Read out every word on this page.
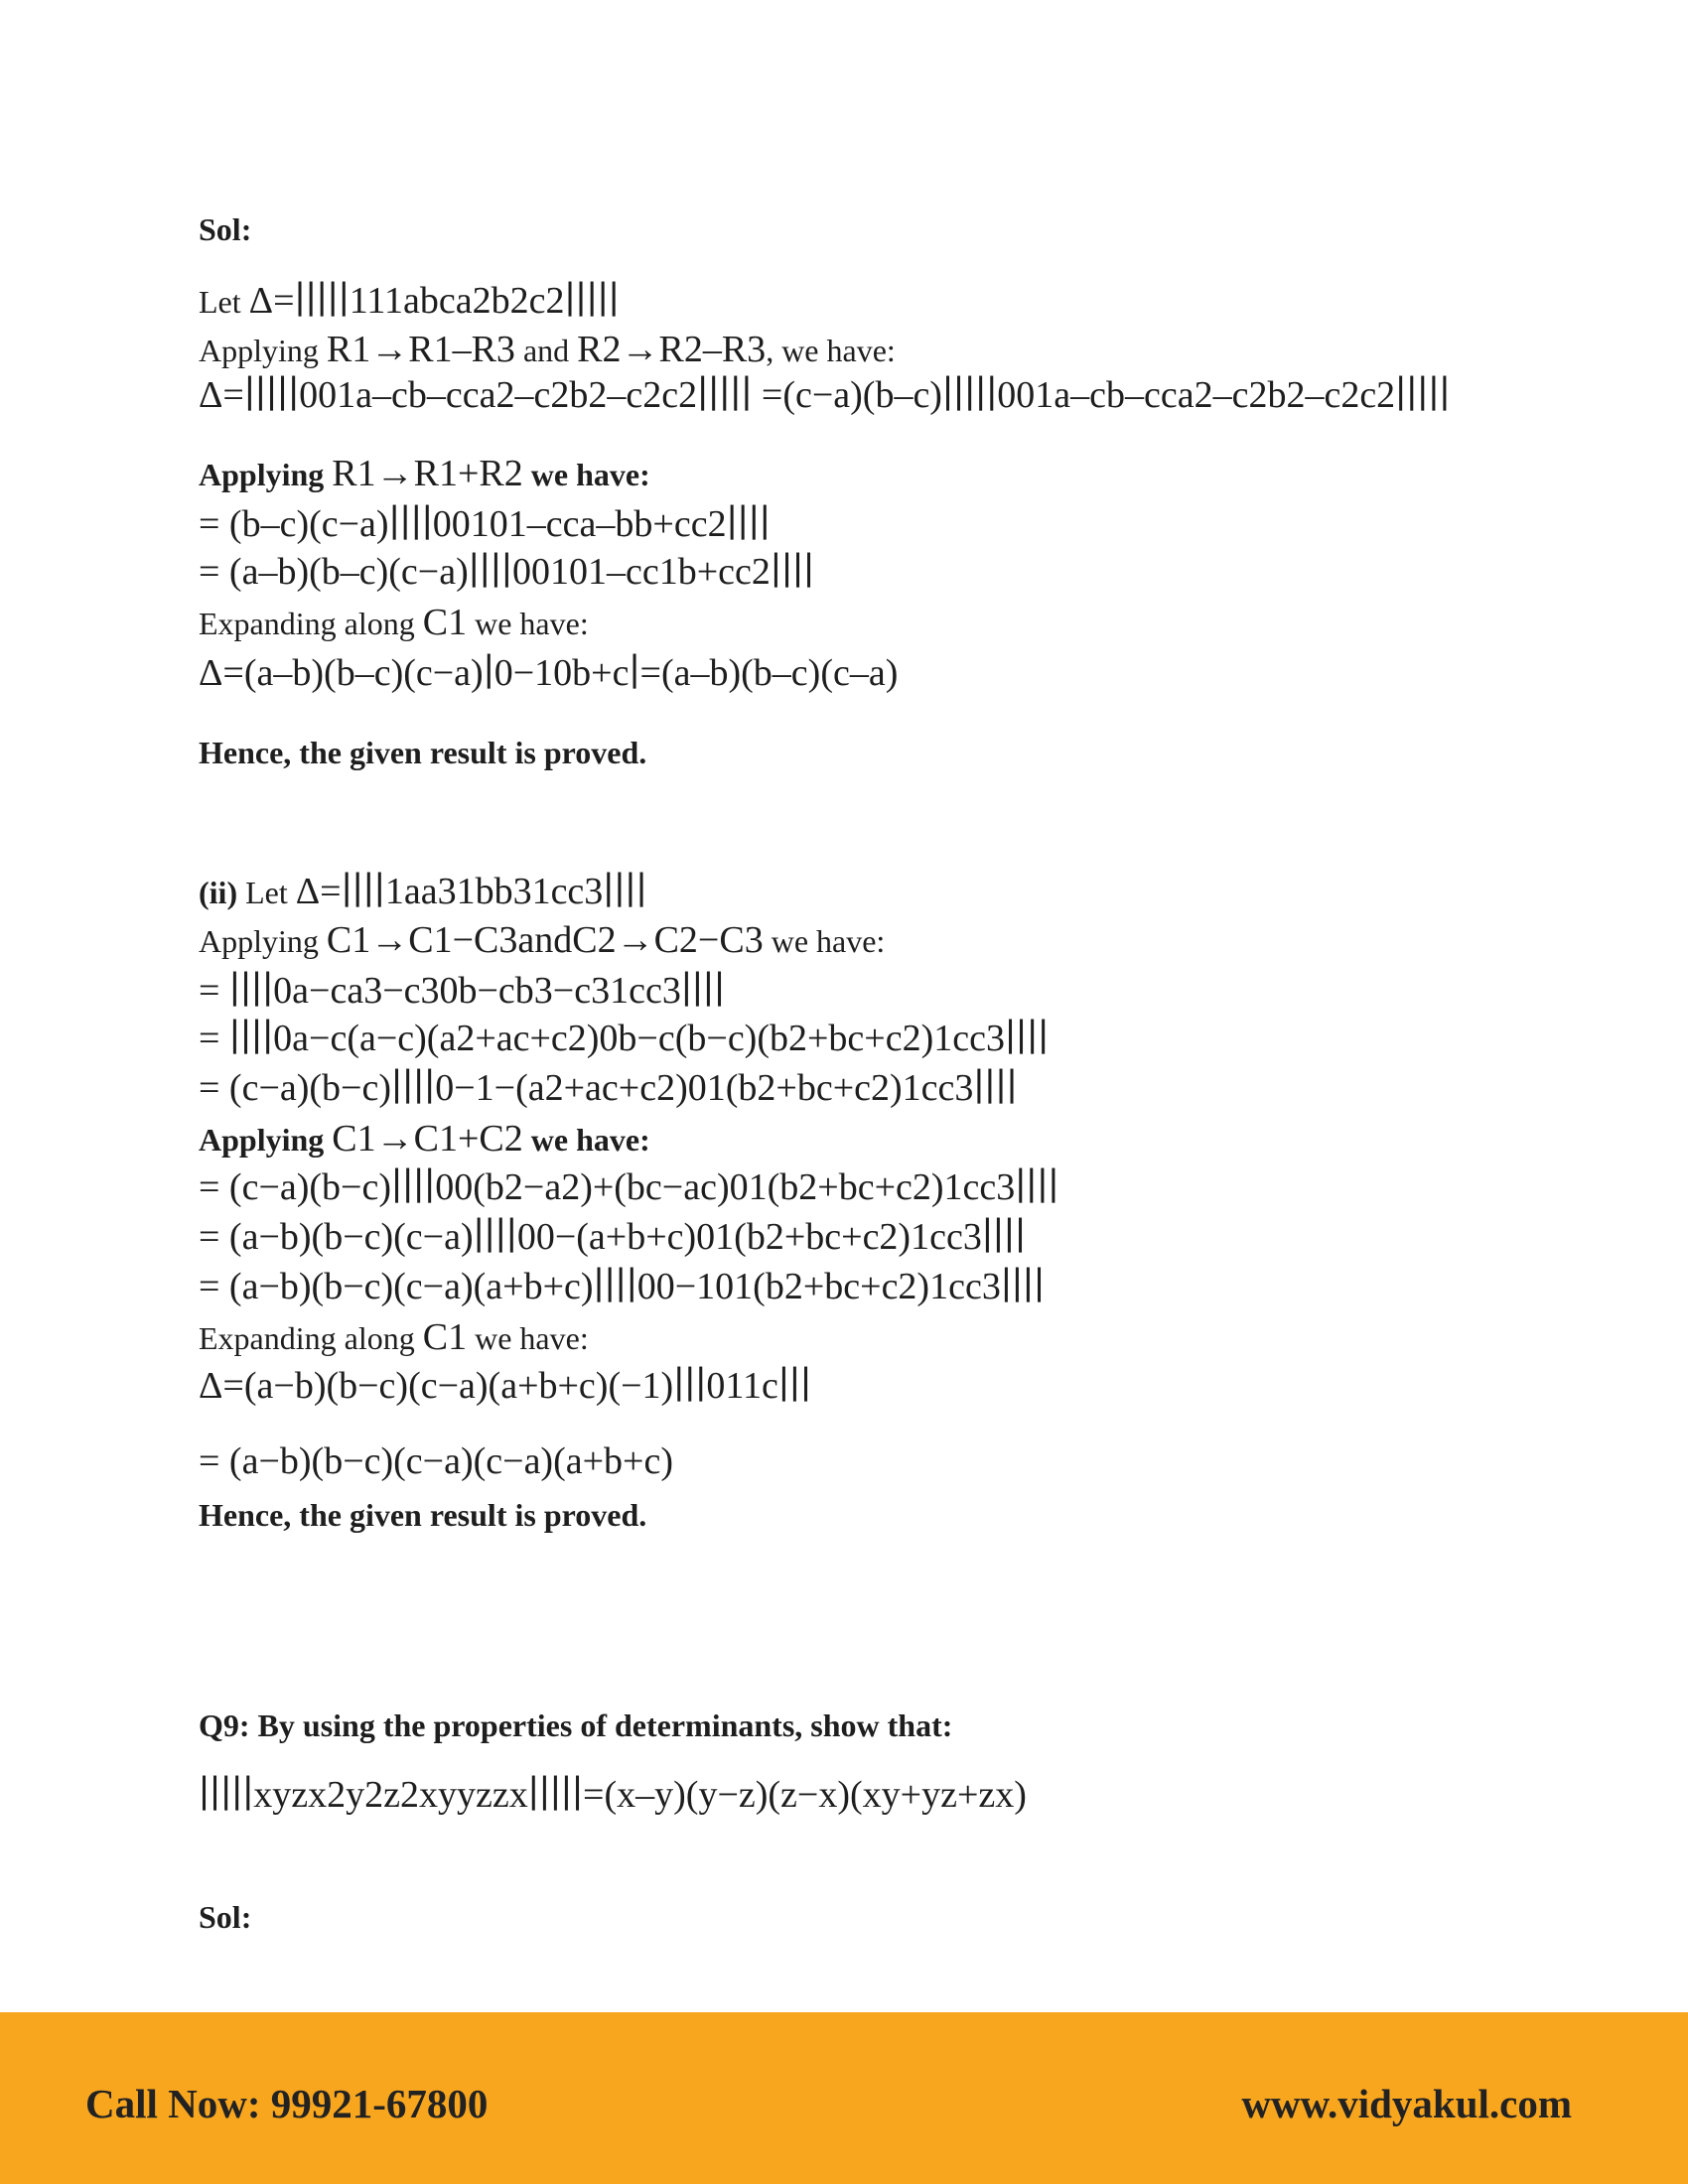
Sol:
Let Δ=∣∣∣∣∣111abca2b2c2∣∣∣∣∣
Applying R1→R1–R3 and R2→R2–R3, we have:
Δ=∣∣∣∣∣001a–cb–cca2–c2b2–c2c2∣∣∣∣∣ =(c−a)(b–c)∣∣∣∣∣001a–cb–cca2–c2b2–c2c2∣∣∣∣∣
Applying R1→R1+R2 we have:
= (b–c)(c−a)∣∣∣∣00101–cca–bb+cc2∣∣∣∣
= (a–b)(b–c)(c−a)∣∣∣∣00101–cc1b+cc2∣∣∣∣
Expanding along C1 we have:
Δ=(a–b)(b–c)(c−a)∣0−10b+c∣=(a–b)(b–c)(c–a)
Hence, the given result is proved.
(ii) Let Δ=∣∣∣∣1aa31bb31cc3∣∣∣∣
Applying C1→C1−C3andC2→C2−C3 we have:
= ∣∣∣∣0a−ca3−c30b−cb3−c31cc3∣∣∣∣
= ∣∣∣∣0a−c(a−c)(a2+ac+c2)0b−c(b−c)(b2+bc+c2)1cc3∣∣∣∣
= (c−a)(b−c)∣∣∣∣0−1−(a2+ac+c2)01(b2+bc+c2)1cc3∣∣∣∣
Applying C1→C1+C2 we have:
= (c−a)(b−c)∣∣∣∣00(b2−a2)+(bc−ac)01(b2+bc+c2)1cc3∣∣∣∣
= (a−b)(b−c)(c−a)∣∣∣∣00−(a+b+c)01(b2+bc+c2)1cc3∣∣∣∣
= (a−b)(b−c)(c−a)(a+b+c)∣∣∣∣00−101(b2+bc+c2)1cc3∣∣∣∣
Expanding along C1 we have:
Δ=(a−b)(b−c)(c−a)(a+b+c)(−1)∣∣∣011c∣∣∣
= (a−b)(b−c)(c−a)(c−a)(a+b+c)
Hence, the given result is proved.
Q9: By using the properties of determinants, show that:
∣∣∣∣∣xyzx2y2z2xyyzzx∣∣∣∣∣=(x–y)(y−z)(z−x)(xy+yz+zx)
Sol:
Call Now: 99921-67800	www.vidyakul.com
